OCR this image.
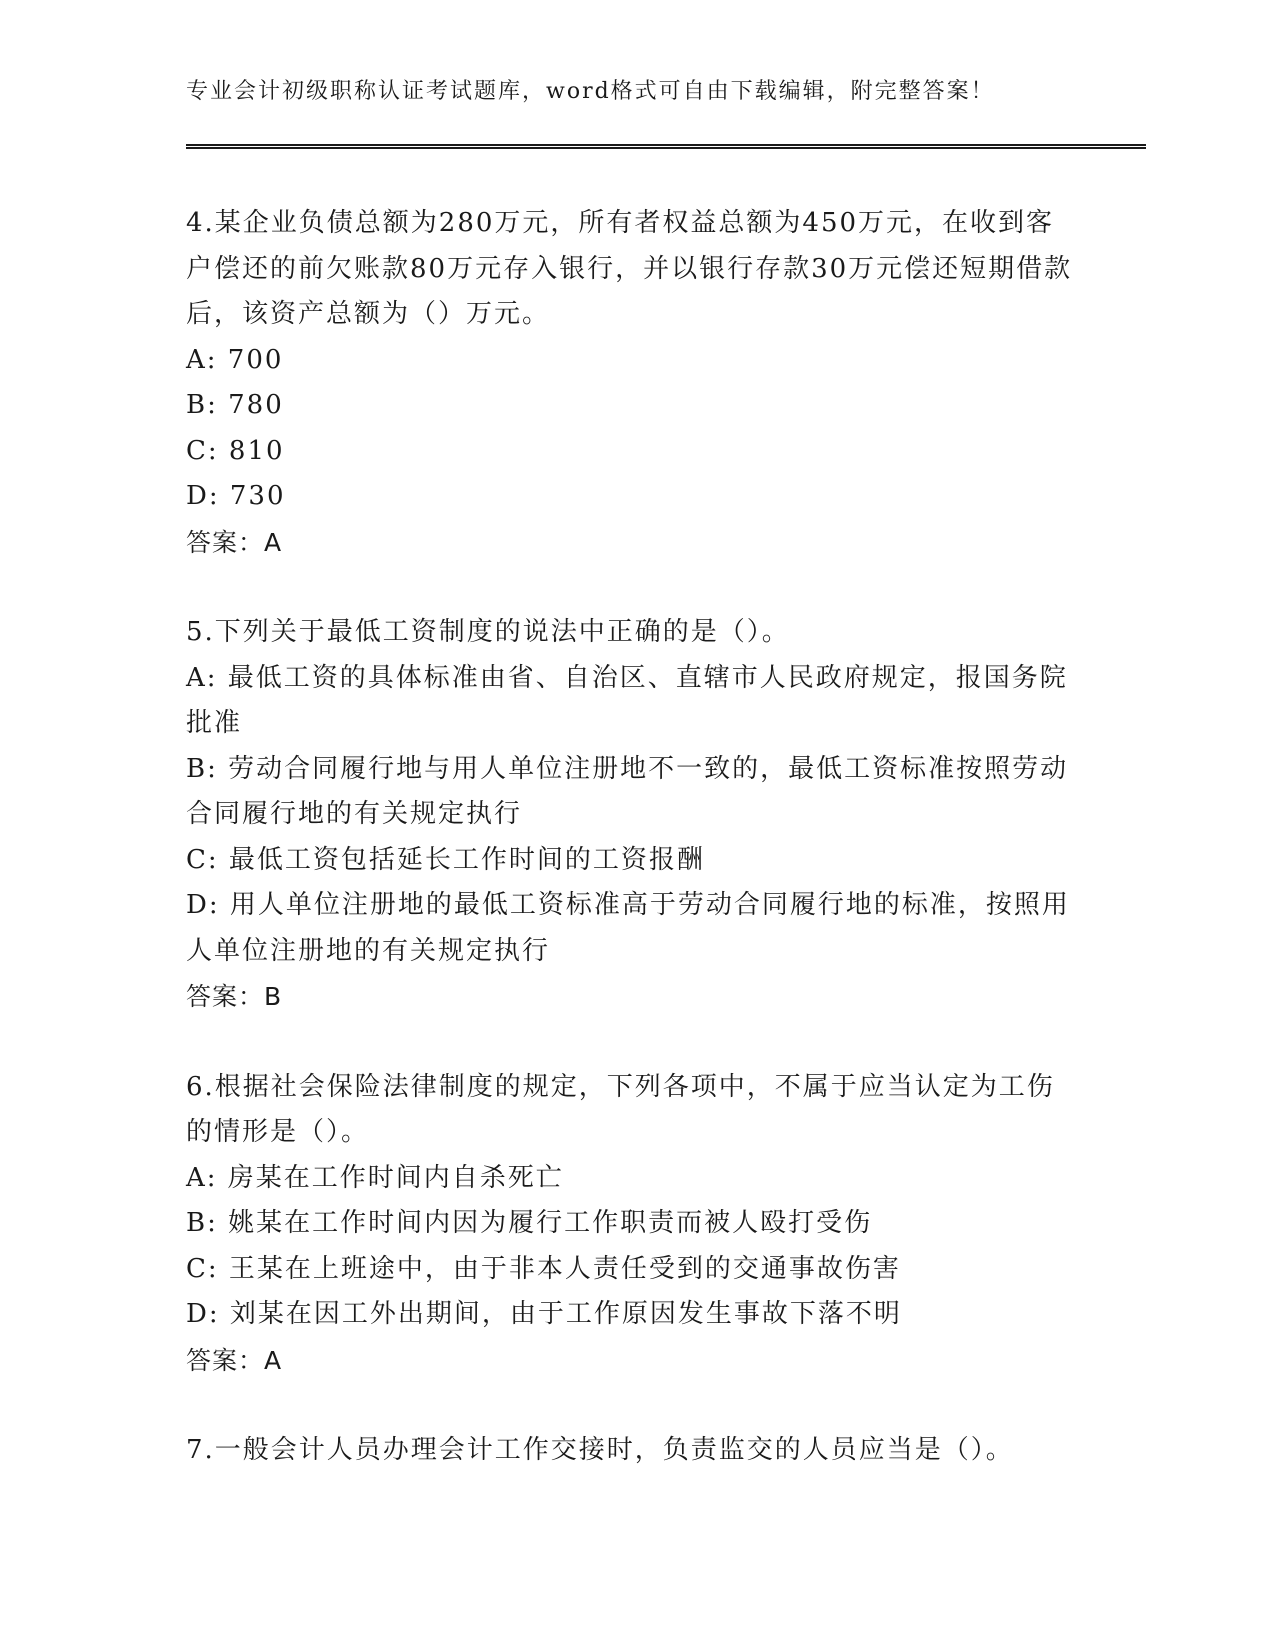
专业会计初级职称认证考试题库，word格式可自由下载编辑，附完整答案！
4.某企业负债总额为280万元，所有者权益总额为450万元，在收到客户偿还的前欠账款80万元存入银行，并以银行存款30万元偿还短期借款后，该资产总额为（）万元。
A: 700
B: 780
C: 810
D: 730
答案：A
5.下列关于最低工资制度的说法中正确的是（）。
A: 最低工资的具体标准由省、自治区、直辖市人民政府规定，报国务院批准
B: 劳动合同履行地与用人单位注册地不一致的，最低工资标准按照劳动合同履行地的有关规定执行
C: 最低工资包括延长工作时间的工资报酬
D: 用人单位注册地的最低工资标准高于劳动合同履行地的标准，按照用人单位注册地的有关规定执行
答案：B
6.根据社会保险法律制度的规定，下列各项中，不属于应当认定为工伤的情形是（）。
A: 房某在工作时间内自杀死亡
B: 姚某在工作时间内因为履行工作职责而被人殴打受伤
C: 王某在上班途中，由于非本人责任受到的交通事故伤害
D: 刘某在因工外出期间，由于工作原因发生事故下落不明
答案：A
7.一般会计人员办理会计工作交接时，负责监交的人员应当是（）。
